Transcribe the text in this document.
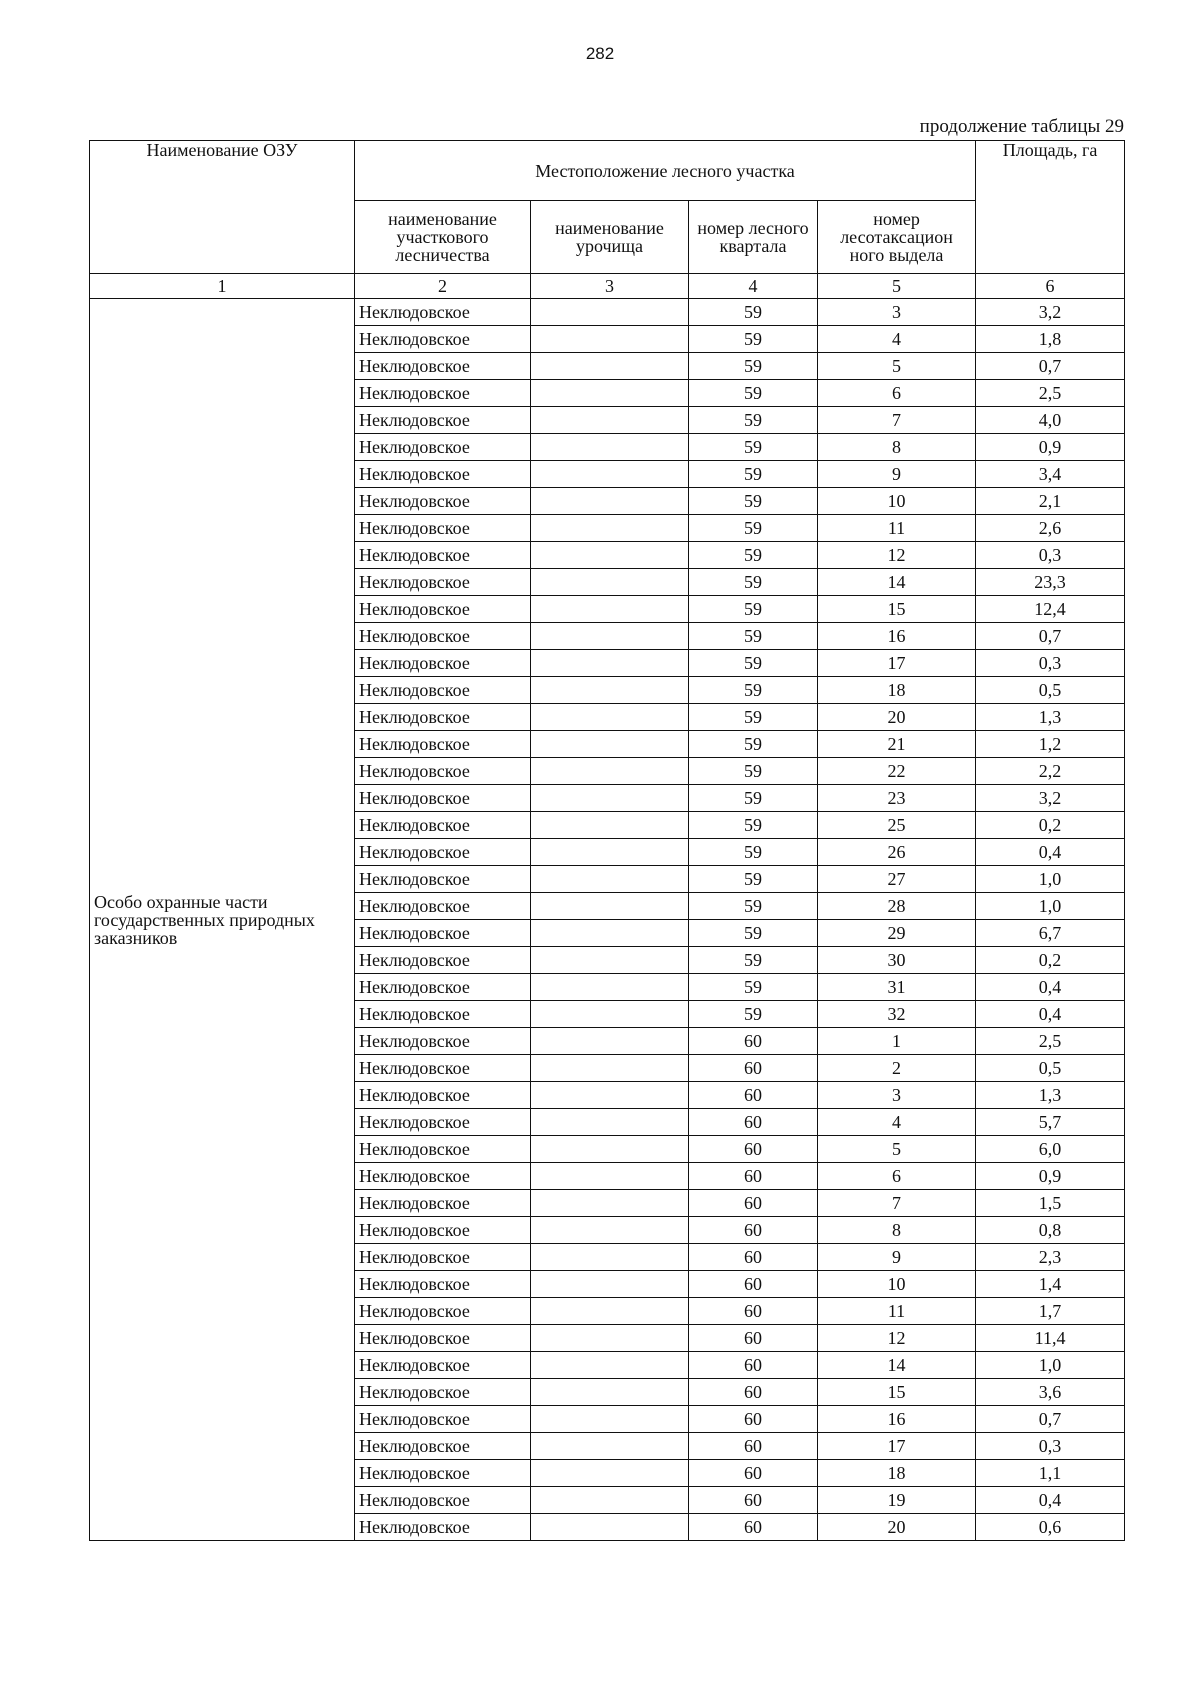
282
продолжение таблицы 29
Наименование ОЗУ	Местоположение лесного участка				Площадь, га
	наименование участкового лесничества	наименование урочища	номер лесного квартала	номер лесотаксацион ного выдела	
1	2	3	4	5	6
Особо охранные части государственных природных заказников	Неклюдовское		59	3	3,2
	Неклюдовское		59	4	1,8
	Неклюдовское		59	5	0,7
	Неклюдовское		59	6	2,5
	Неклюдовское		59	7	4,0
	Неклюдовское		59	8	0,9
	Неклюдовское		59	9	3,4
	Неклюдовское		59	10	2,1
	Неклюдовское		59	11	2,6
	Неклюдовское		59	12	0,3
	Неклюдовское		59	14	23,3
	Неклюдовское		59	15	12,4
	Неклюдовское		59	16	0,7
	Неклюдовское		59	17	0,3
	Неклюдовское		59	18	0,5
	Неклюдовское		59	20	1,3
	Неклюдовское		59	21	1,2
	Неклюдовское		59	22	2,2
	Неклюдовское		59	23	3,2
	Неклюдовское		59	25	0,2
	Неклюдовское		59	26	0,4
	Неклюдовское		59	27	1,0
	Неклюдовское		59	28	1,0
	Неклюдовское		59	29	6,7
	Неклюдовское		59	30	0,2
	Неклюдовское		59	31	0,4
	Неклюдовское		59	32	0,4
	Неклюдовское		60	1	2,5
	Неклюдовское		60	2	0,5
	Неклюдовское		60	3	1,3
	Неклюдовское		60	4	5,7
	Неклюдовское		60	5	6,0
	Неклюдовское		60	6	0,9
	Неклюдовское		60	7	1,5
	Неклюдовское		60	8	0,8
	Неклюдовское		60	9	2,3
	Неклюдовское		60	10	1,4
	Неклюдовское		60	11	1,7
	Неклюдовское		60	12	11,4
	Неклюдовское		60	14	1,0
	Неклюдовское		60	15	3,6
	Неклюдовское		60	16	0,7
	Неклюдовское		60	17	0,3
	Неклюдовское		60	18	1,1
	Неклюдовское		60	19	0,4
	Неклюдовское		60	20	0,6
